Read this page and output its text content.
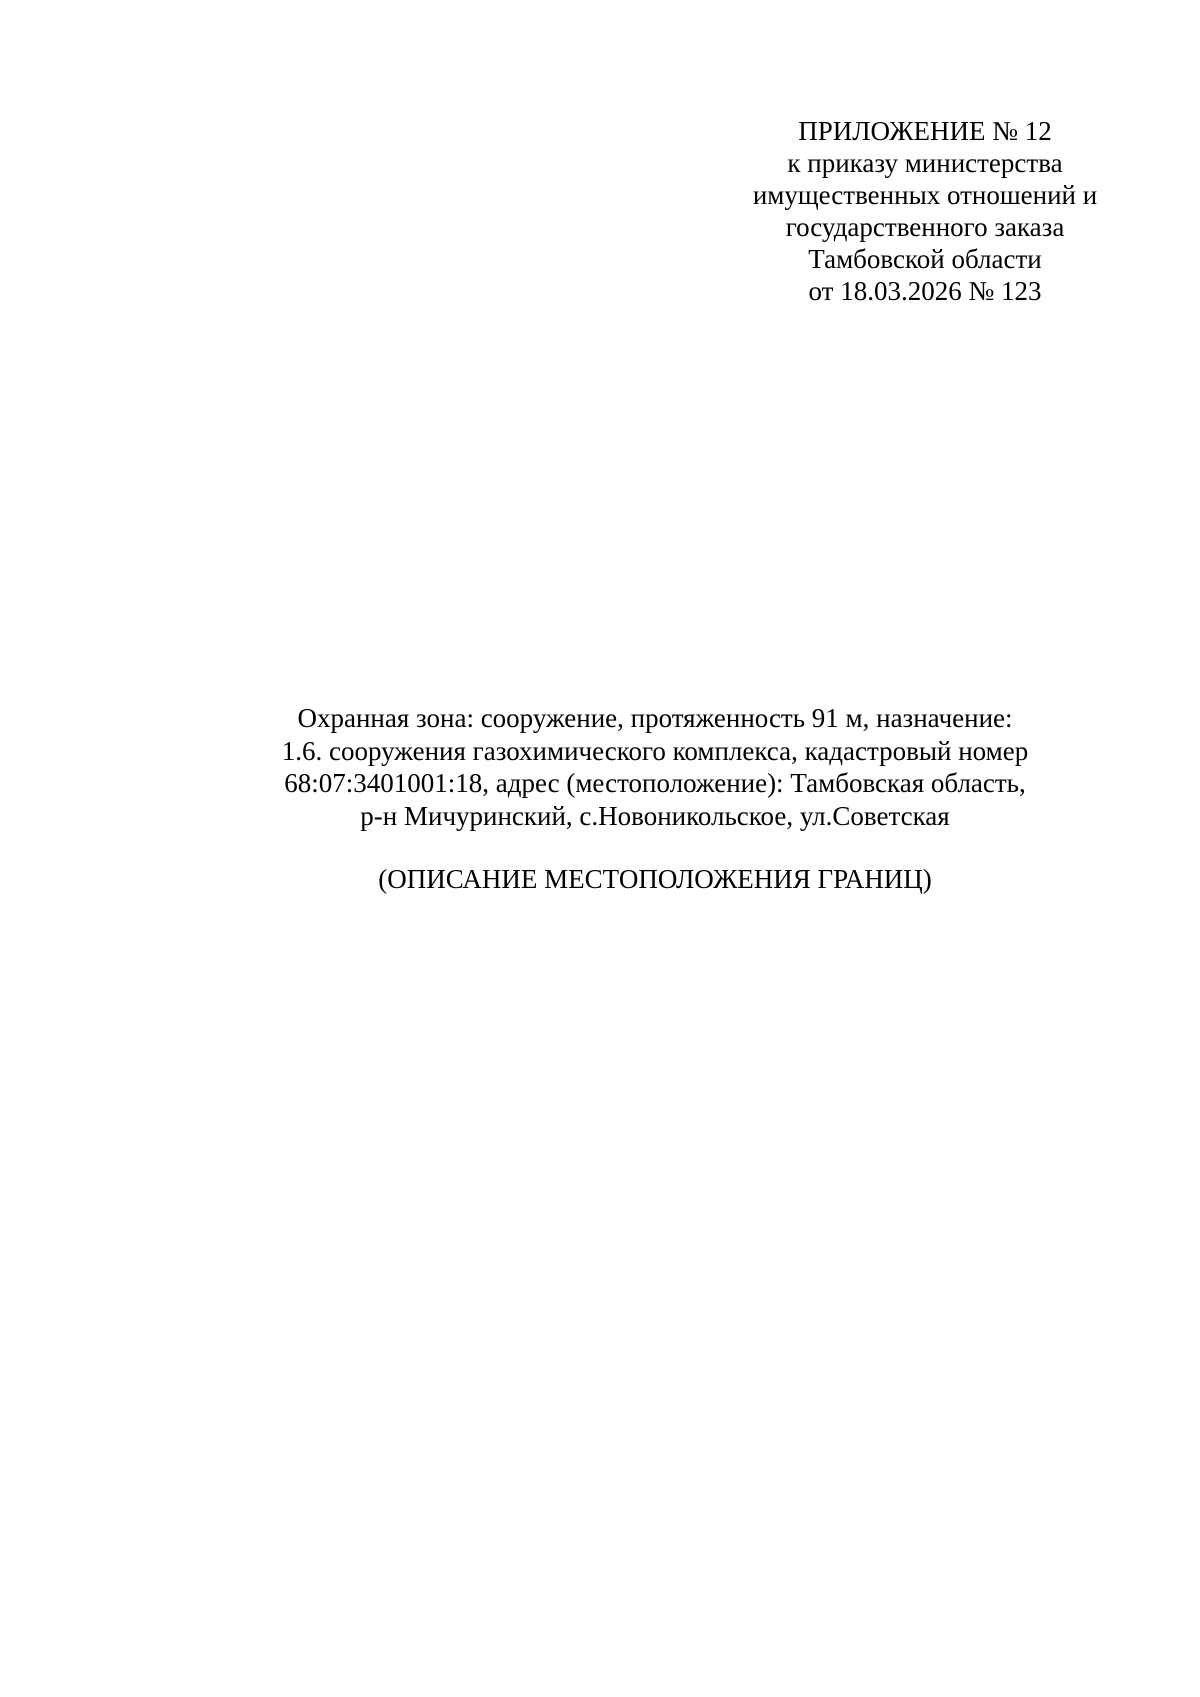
ПРИЛОЖЕНИЕ № 12
к приказу министерства
имущественных отношений и
государственного заказа
Тамбовской области
от 18.03.2026 № 123
Охранная зона: сооружение, протяженность 91 м, назначение:
1.6. сооружения газохимического комплекса, кадастровый номер
68:07:3401001:18, адрес (местоположение): Тамбовская область,
р-н Мичуринский, с.Новоникольское, ул.Советская
(ОПИСАНИЕ МЕСТОПОЛОЖЕНИЯ ГРАНИЦ)
